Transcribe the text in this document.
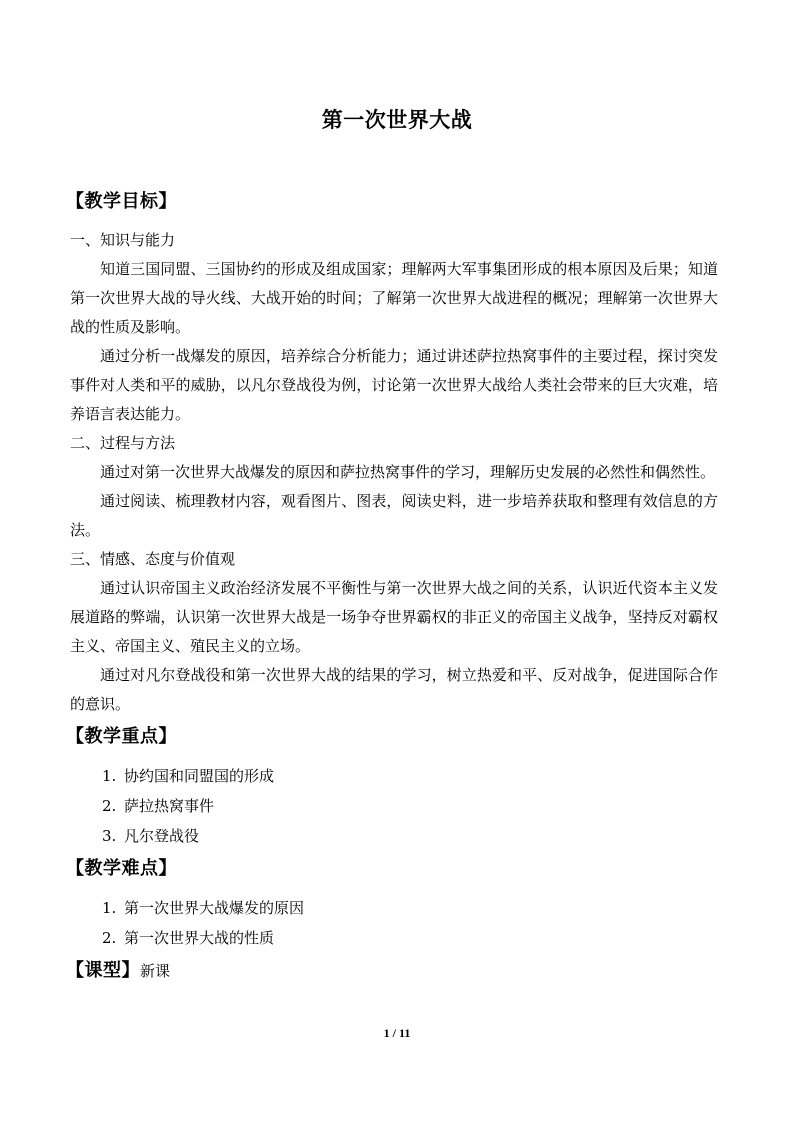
第一次世界大战
【教学目标】

一、知识与能力

知道三国同盟、三国协约的形成及组成国家；理解两大军事集团形成的根本原因及后果；知道第一次世界大战的导火线、大战开始的时间；了解第一次世界大战进程的概况；理解第一次世界大战的性质及影响。

通过分析一战爆发的原因，培养综合分析能力；通过讲述萨拉热窝事件的主要过程，探讨突发事件对人类和平的威胁，以凡尔登战役为例，讨论第一次世界大战给人类社会带来的巨大灾难，培养语言表达能力。

二、过程与方法

通过对第一次世界大战爆发的原因和萨拉热窝事件的学习，理解历史发展的必然性和偶然性。

通过阅读、梳理教材内容，观看图片、图表，阅读史料，进一步培养获取和整理有效信息的方法。

三、情感、态度与价值观

通过认识帝国主义政治经济发展不平衡性与第一次世界大战之间的关系，认识近代资本主义发展道路的弊端，认识第一次世界大战是一场争夺世界霸权的非正义的帝国主义战争，坚持反对霸权主义、帝国主义、殖民主义的立场。

通过对凡尔登战役和第一次世界大战的结果的学习，树立热爱和平、反对战争，促进国际合作的意识。

【教学重点】
1. 协约国和同盟国的形成
2. 萨拉热窝事件
3. 凡尔登战役
【教学难点】
1. 第一次世界大战爆发的原因
2. 第一次世界大战的性质
【课型】新课
1 / 11
